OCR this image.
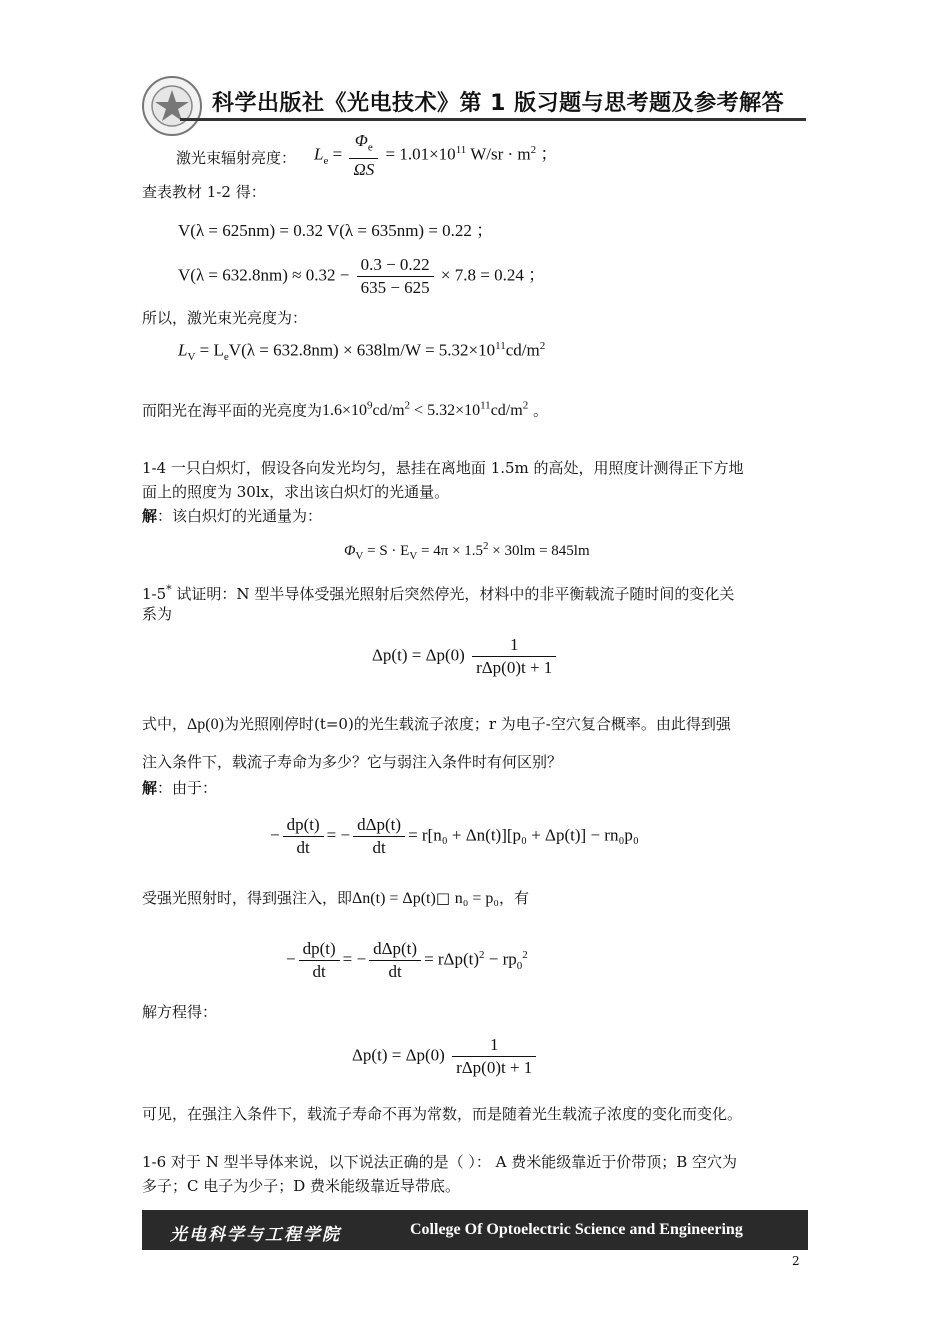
科学出版社《光电技术》第 1 版习题与思考题及参考解答
激光束辐射亮度： $L_e = \frac{\Phi_e}{\Omega S} = 1.01\times 10^{11}$ $W/sr \cdot m^2$ ；
查表教材 1-2 得：
V(λ = 625nm) = 0.32 V(λ = 635nm) = 0.22 ；
$V(\lambda = 632.8nm) \approx 0.32 - \frac{0.3 - 0.22}{635 - 625} \times 7.8 = 0.24$ ；
所以，激光束光亮度为：
$L_V = L_eV(\lambda = 632.8nm) \times 638lm/W = 5.32\times 10^{11}cd/m^2$
而阳光在海平面的光亮度为$1.6\times 10^9cd/m^2 < 5.32\times 10^{11}cd/m^2$ 。
1-4 一只白炽灯，假设各向发光均匀，悬挂在离地面 1.5m 的高处，用照度计测得正下方地
面上的照度为 30lx，求出该白炽灯的光通量。
解：该白炽灯的光通量为：
$\Phi_V = S \cdot E_V = 4\pi \times 1.5^2 \times 30lm = 845lm$
1-5* 试证明：N 型半导体受强光照射后突然停光，材料中的非平衡载流子随时间的变化关
系为
$\Delta p(t) = \Delta p(0) \frac{1}{\text{rΔp(0)t + 1}}$
式中，Δp(0)为光照刚停时(t=0)的光生载流子浓度；r 为电子-空穴复合概率。由此得到强
注入条件下，载流子寿命为多少？它与弱注入条件时有何区别？
解：由于：
− $\frac{dp(t)}{dt}$ = − $\frac{\text{dΔp(t)}}{dt} = r[n_0 + \Delta n(t)][p_0 + \Delta p(t)] - rn_0p_0$
受强光照射时，得到强注入，即Δn(t) = Δp(t)□ n₀ = p₀，有
− $\frac{dp(t)}{dt}$ = − $\frac{\text{dΔp(t)}}{dt} = r\Delta p(t)^2 - rp_0^2$
解方程得：
$\Delta p(t) = \Delta p(0) \frac{1}{\text{rΔp(0)t + 1}}$
可见，在强注入条件下，载流子寿命不再为常数，而是随着光生载流子浓度的变化而变化。
1-6 对于 N 型半导体来说，以下说法正确的是（ ）： A 费米能级靠近于价带顶；B 空穴为
多子；C 电子为少子；D 费米能级靠近导带底。
光电科学与工程学院	College Of Optoelectric Science and Engineering
2
